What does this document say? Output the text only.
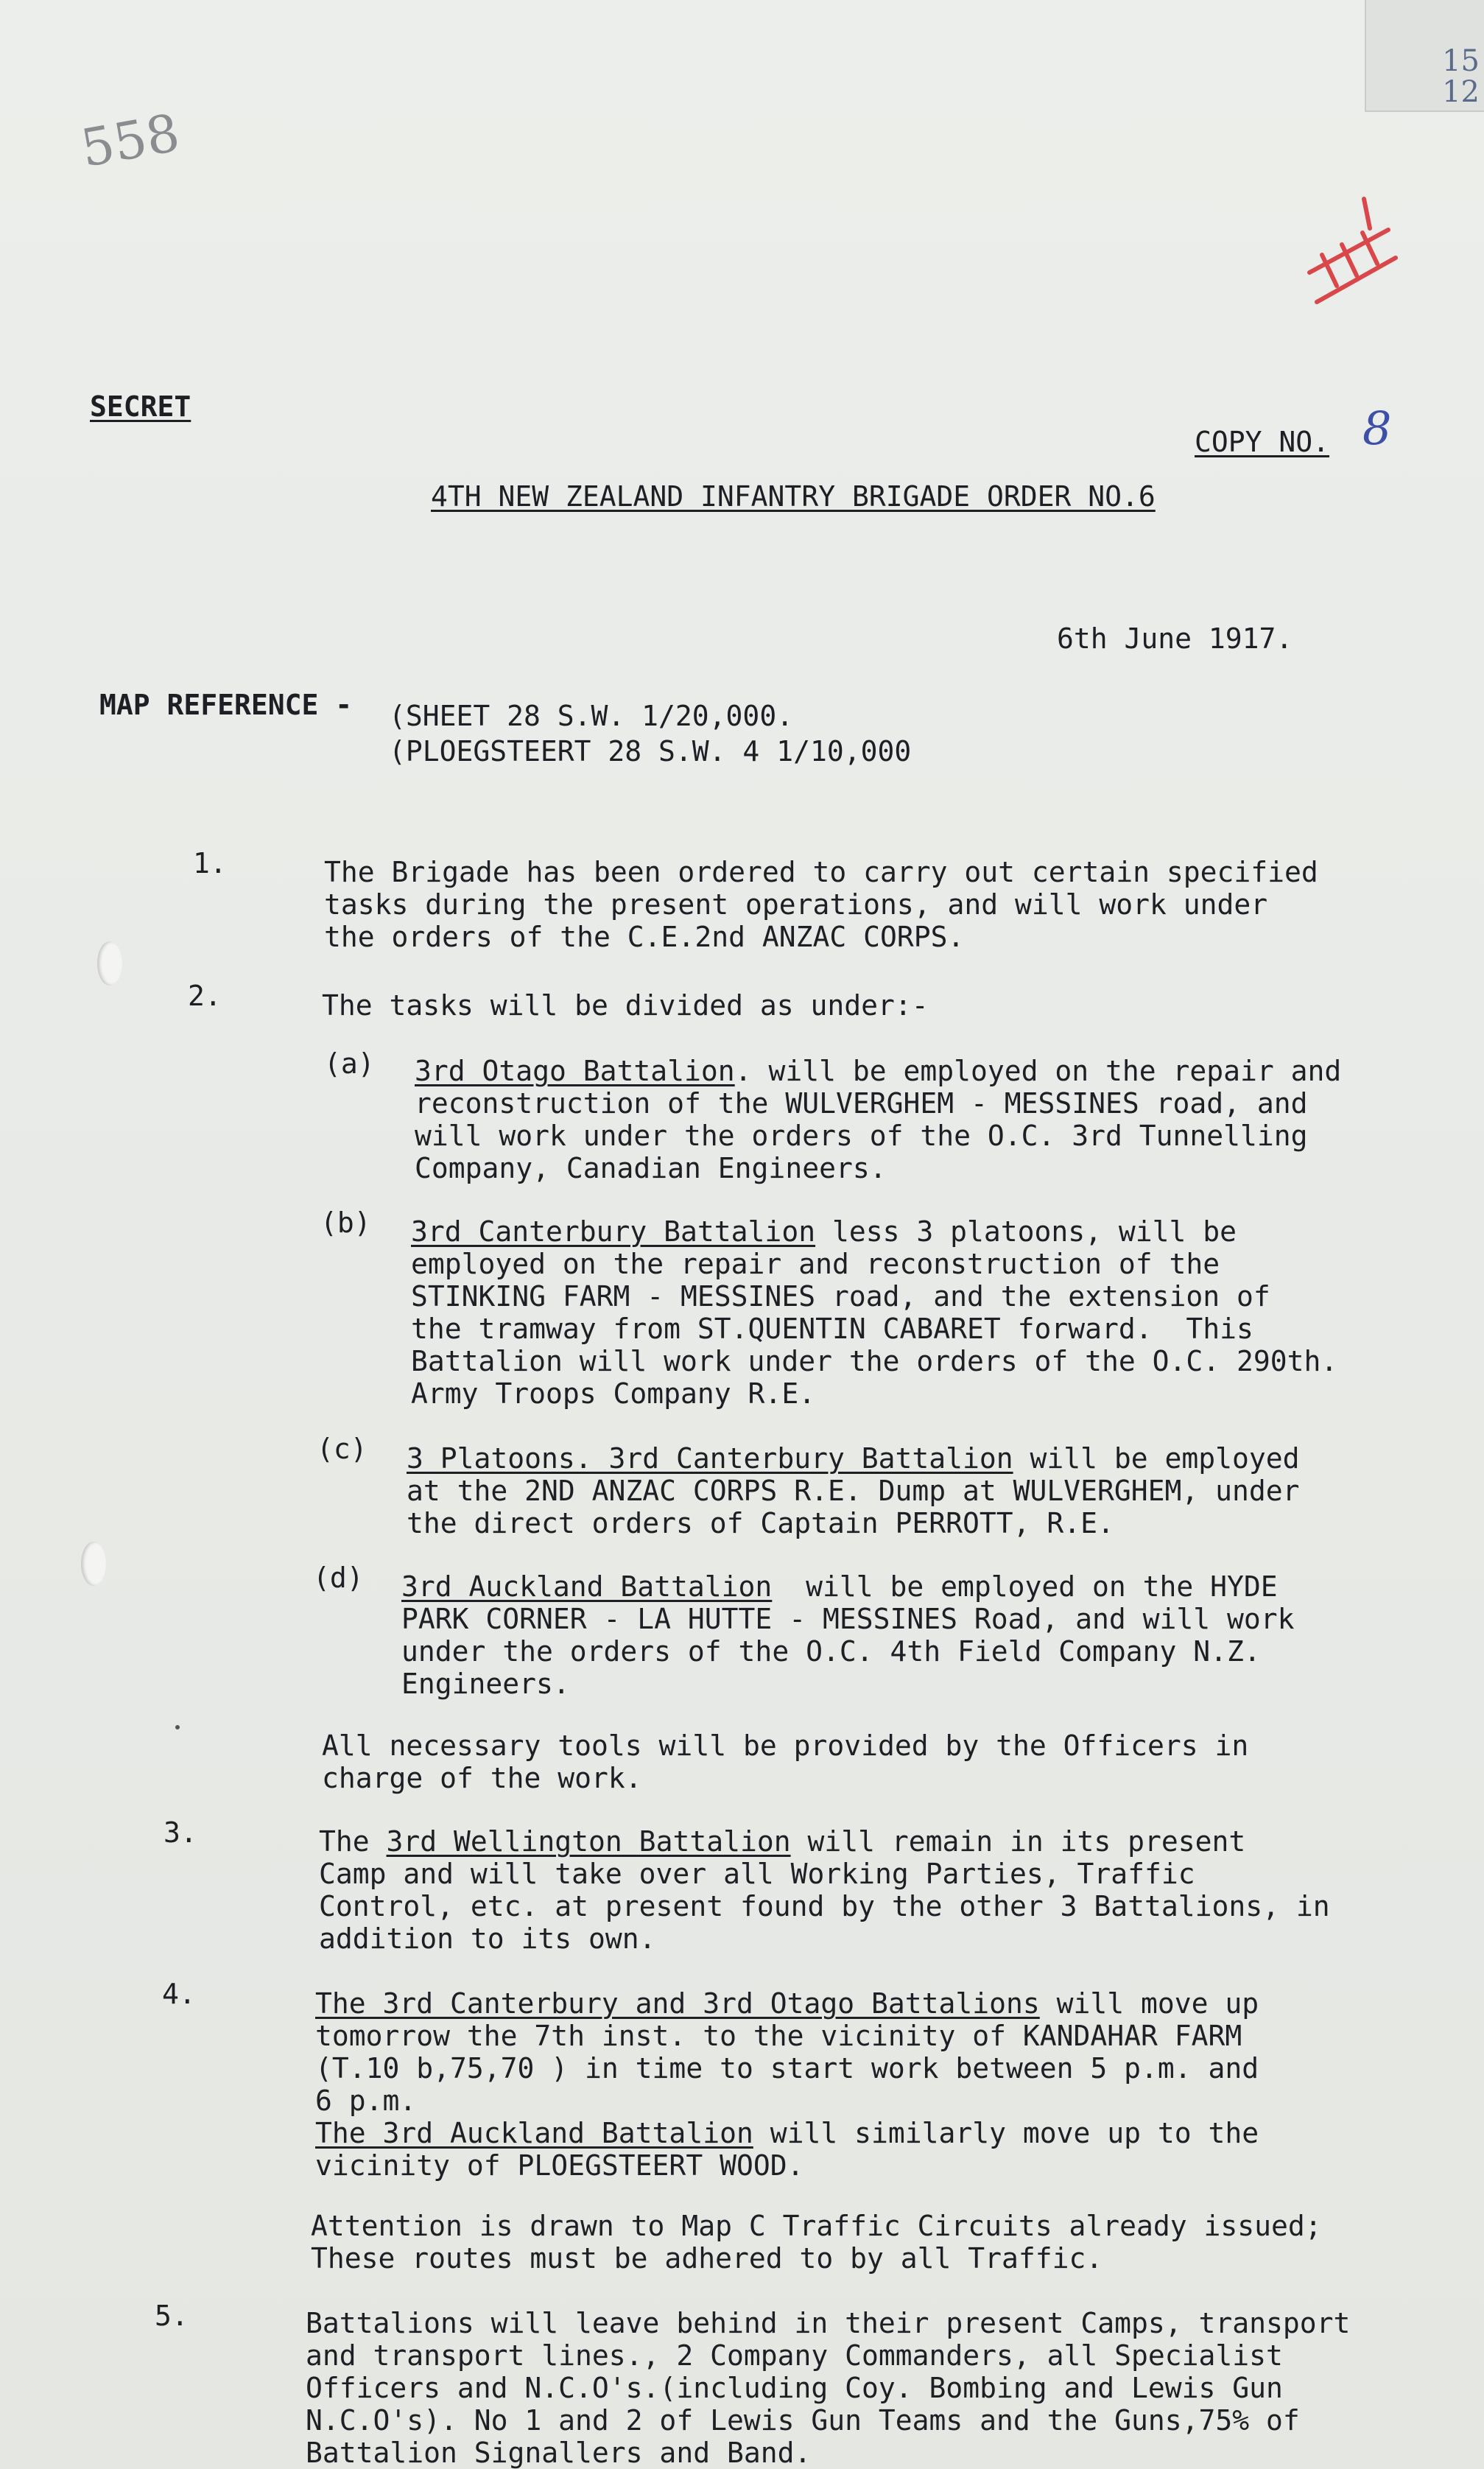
558
15
12
8
SECRET
COPY NO.
4TH NEW ZEALAND INFANTRY BRIGADE ORDER NO.6
6th June 1917.
MAP REFERENCE - (SHEET 28 S.W. 1/20,000.
(PLOEGSTEERT 28 S.W. 4 1/10,000
1.	The Brigade has been ordered to carry out certain specified
tasks during the present operations, and will work under
the orders of the C.E.2nd ANZAC CORPS.
2.	The tasks will be divided as under:-
(a) 3rd Otago Battalion. will be employed on the repair and
reconstruction of the WULVERGHEM - MESSINES road, and
will work under the orders of the O.C. 3rd Tunnelling
Company, Canadian Engineers.
(b) 3rd Canterbury Battalion less 3 platoons, will be
employed on the repair and reconstruction of the
STINKING FARM - MESSINES road, and the extension of
the tramway from ST.QUENTIN CABARET forward.  This
Battalion will work under the orders of the O.C. 290th.
Army Troops Company R.E.
(c) 3 Platoons. 3rd Canterbury Battalion will be employed
at the 2ND ANZAC CORPS R.E. Dump at WULVERGHEM, under
the direct orders of Captain PERROTT, R.E.
(d) 3rd Auckland Battalion  will be employed on the HYDE
PARK CORNER - LA HUTTE - MESSINES Road, and will work
under the orders of the O.C. 4th Field Company N.Z.
Engineers.
All necessary tools will be provided by the Officers in
charge of the work.
3.	The 3rd Wellington Battalion will remain in its present
Camp and will take over all Working Parties, Traffic
Control, etc. at present found by the other 3 Battalions, in
addition to its own.
4.	The 3rd Canterbury and 3rd Otago Battalions will move up
tomorrow the 7th inst. to the vicinity of KANDAHAR FARM
(T.10 b,75,70 ) in time to start work between 5 p.m. and
6 p.m.
The 3rd Auckland Battalion will similarly move up to the
vicinity of PLOEGSTEERT WOOD.
Attention is drawn to Map C Traffic Circuits already issued;
These routes must be adhered to by all Traffic.
5.	Battalions will leave behind in their present Camps, transport
and transport lines., 2 Company Commanders, all Specialist
Officers and N.C.O's.(including Coy. Bombing and Lewis Gun
N.C.O's). No 1 and 2 of Lewis Gun Teams and the Guns,75% of
Battalion Signallers and Band.
